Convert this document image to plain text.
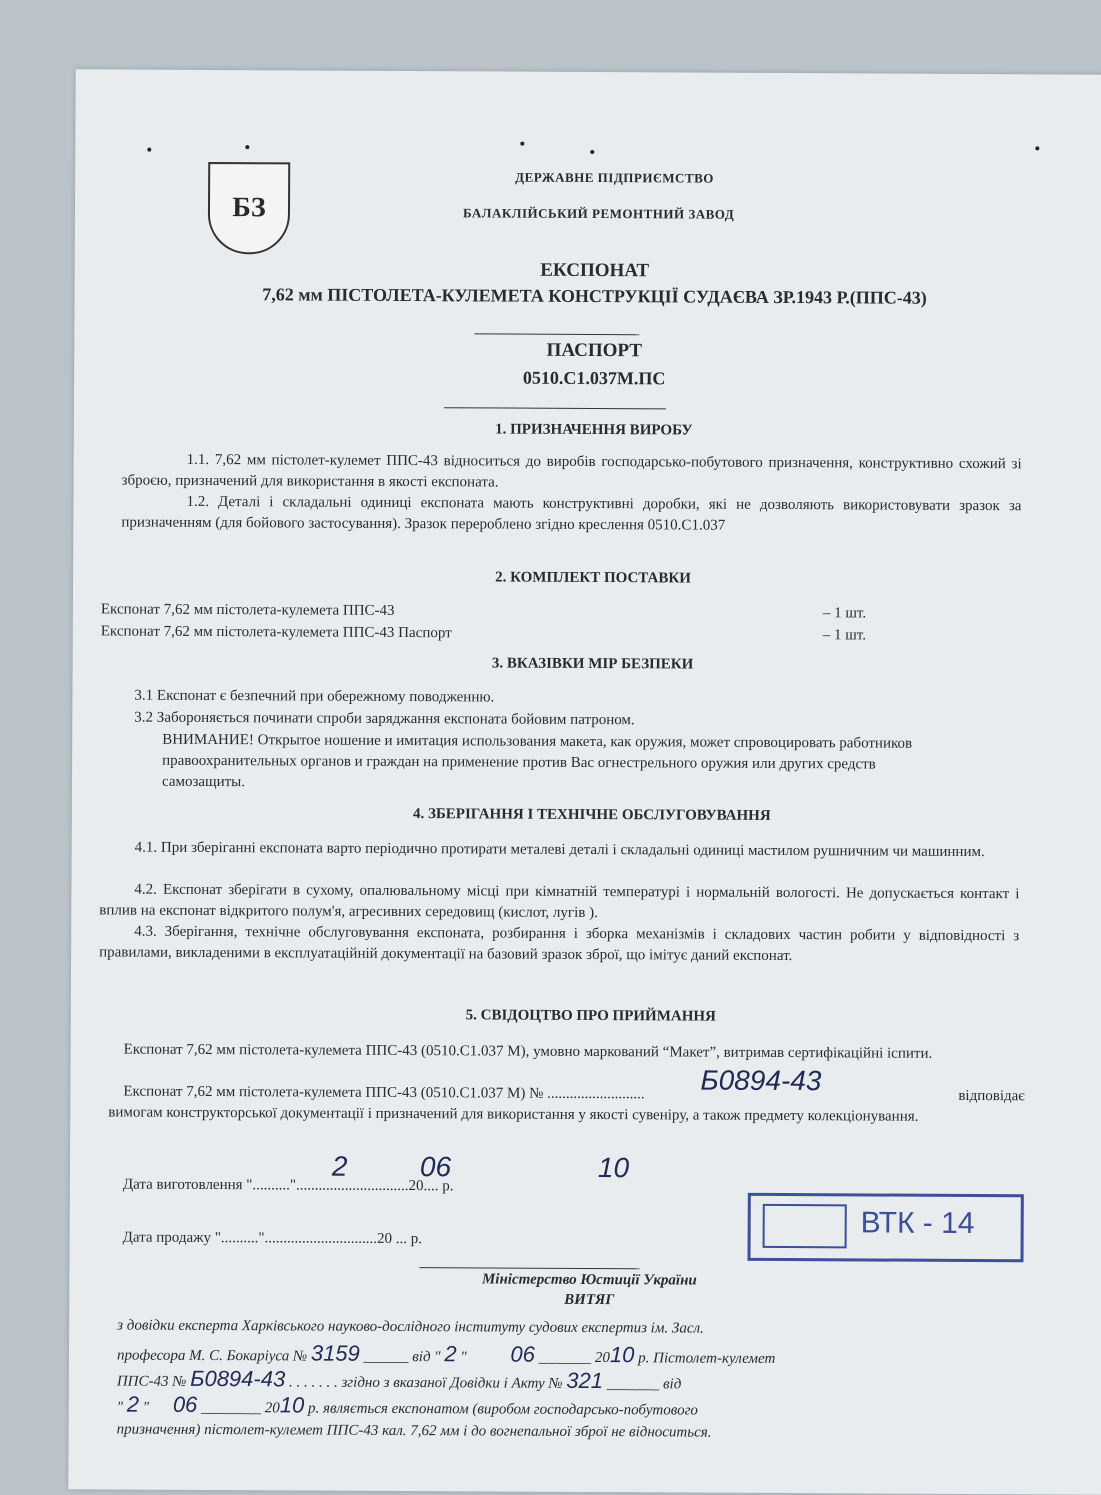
БЗ
ДЕРЖАВНЕ ПІДПРИЄМСТВО
БАЛАКЛІЙСЬКИЙ РЕМОНТНИЙ ЗАВОД
ЕКСПОНАТ
7,62 мм ПІСТОЛЕТА-КУЛЕМЕТА КОНСТРУКЦІЇ СУДАЄВА ЗР.1943 Р.(ППС-43)
ПАСПОРТ
0510.С1.037М.ПС
1. ПРИЗНАЧЕННЯ ВИРОБУ
1.1. 7,62 мм пістолет-кулемет ППС-43 відноситься до виробів господарсько-побутового призначення, конструктивно схожий зі зброєю, призначений для використання в якості експоната.
1.2. Деталі і складальні одиниці експоната мають конструктивні доробки, які не дозволяють використовувати зразок за призначенням (для бойового застосування). Зразок перероблено згідно креслення 0510.С1.037
2. КОМПЛЕКТ ПОСТАВКИ
Експонат 7,62 мм пістолета-кулемета ППС-43	– 1 шт.
Експонат 7,62 мм пістолета-кулемета ППС-43 Паспорт	– 1 шт.
3. ВКАЗІВКИ МІР БЕЗПЕКИ
3.1 Експонат є безпечний при обережному поводженню.
3.2 Забороняється починати спроби заряджання експоната бойовим патроном.
ВНИМАНИЕ! Открытое ношение и имитация использования макета, как оружия, может спровоцировать работников правоохранительных органов и граждан на применение против Вас огнестрельного оружия или других средств самозащиты.
4. ЗБЕРІГАННЯ І ТЕХНІЧНЕ ОБСЛУГОВУВАННЯ
4.1. При зберіганні експоната варто періодично протирати металеві деталі і складальні одиниці мастилом рушничним чи машинним.
4.2. Експонат зберігати в сухому, опалювальному місці при кімнатній температурі і нормальній вологості. Не допускається контакт і вплив на експонат відкритого полум'я, агресивних середовищ (кислот, лугів ).
4.3. Зберігання, технічне обслуговування експоната, розбирання і зборка механізмів і складових частин робити у відповідності з правилами, викладеними в експлуатаційній документації на базовий зразок зброї, що імітує даний експонат.
5. СВІДОЦТВО ПРО ПРИЙМАННЯ
Експонат 7,62 мм пістолета-кулемета ППС-43 (0510.С1.037 М), умовно маркований “Макет”, витримав сертифікаційні іспити.
Експонат 7,62 мм пістолета-кулемета ППС-43 (0510.С1.037 М) № .......................... Б0894-43	відповідає вимогам конструкторської документації і призначений для використання у якості сувеніру, а також предмету колекціонування.
Дата виготовлення ".........."..............................20.... р.
2	06	10
Дата продажу ".........."..............................20 ... р.	ВТК - 14
Міністерство Юстиції України
ВИТЯГ
з довідки експерта Харківського науково-дослідного інституту судових експертиз ім. Засл.
професора М. С. Бокаріуса № 3159 ______ від " 2 " 06 _______ 2010 р. Пістолет-кулемет
ППС-43 № Б0894-43 . . . . . . . згідно з вказаної Довідки і Акту № 321 _______ від
" 2 " 06 ________ 2010 р. являється експонатом (виробом господарсько-побутового
призначення) пістолет-кулемет ППС-43 кал. 7,62 мм і до вогнепальної зброї не відноситься.
